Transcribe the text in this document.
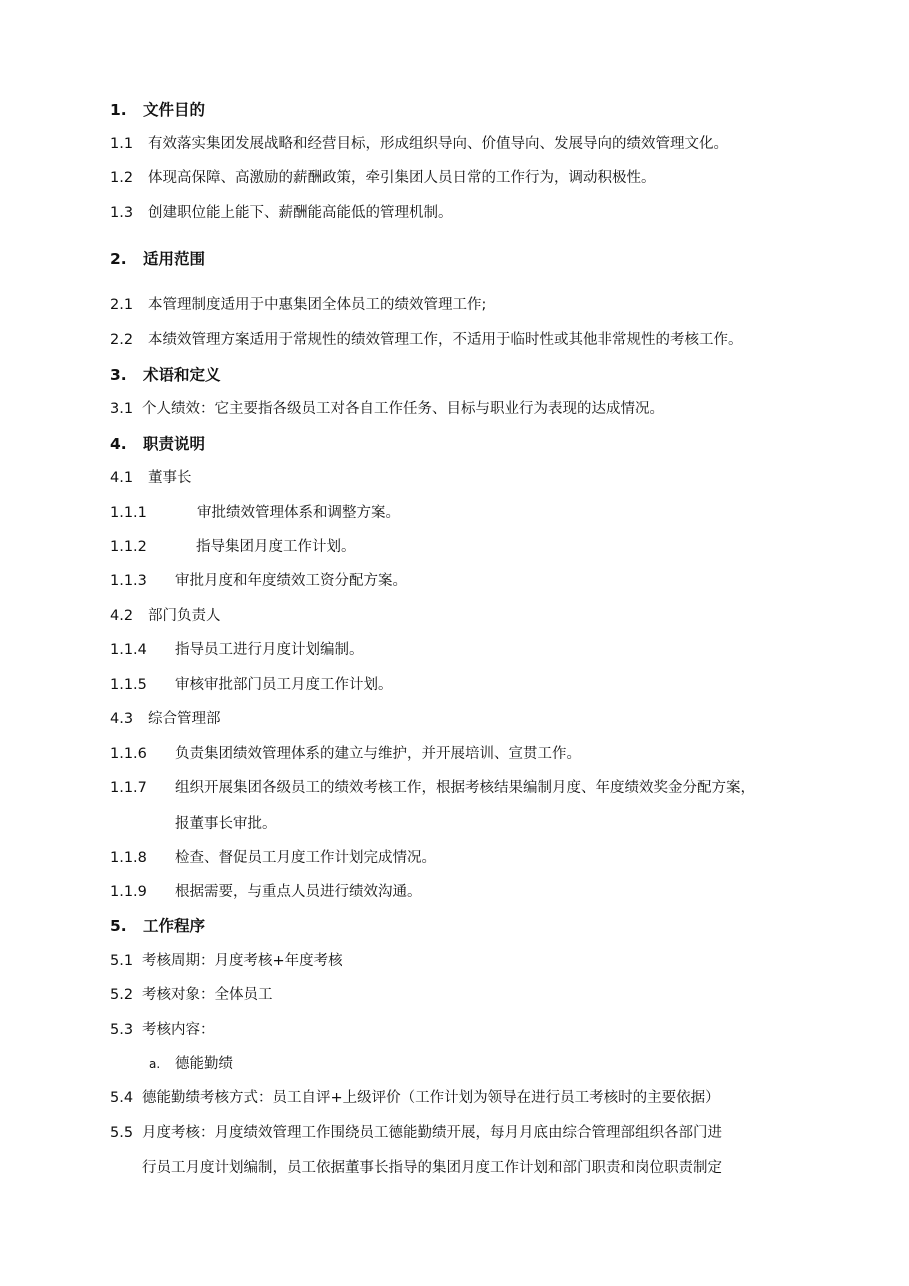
1. 文件目的
1.1 有效落实集团发展战略和经营目标，形成组织导向、价值导向、发展导向的绩效管理文化。
1.2 体现高保障、高激励的薪酬政策，牵引集团人员日常的工作行为，调动积极性。
1.3 创建职位能上能下、薪酬能高能低的管理机制。
2. 适用范围
2.1 本管理制度适用于中惠集团全体员工的绩效管理工作;
2.2 本绩效管理方案适用于常规性的绩效管理工作，不适用于临时性或其他非常规性的考核工作。
3. 术语和定义
3.1 个人绩效：它主要指各级员工对各自工作任务、目标与职业行为表现的达成情况。
4. 职责说明
4.1 董事长
1.1.1	审批绩效管理体系和调整方案。
1.1.2	指导集团月度工作计划。
1.1.3 审批月度和年度绩效工资分配方案。
4.2 部门负责人
1.1.4 指导员工进行月度计划编制。
1.1.5 审核审批部门员工月度工作计划。
4.3 综合管理部
1.1.6 负责集团绩效管理体系的建立与维护，并开展培训、宣贯工作。
1.1.7 组织开展集团各级员工的绩效考核工作，根据考核结果编制月度、年度绩效奖金分配方案，
报董事长审批。
1.1.8 检查、督促员工月度工作计划完成情况。
1.1.9 根据需要，与重点人员进行绩效沟通。
5. 工作程序
5.1 考核周期：月度考核+年度考核
5.2 考核对象：全体员工
5.3 考核内容：
a. 德能勤绩
5.4 德能勤绩考核方式：员工自评+上级评价（工作计划为领导在进行员工考核时的主要依据）
5.5 月度考核：月度绩效管理工作围绕员工德能勤绩开展，每月月底由综合管理部组织各部门进
行员工月度计划编制，员工依据董事长指导的集团月度工作计划和部门职责和岗位职责制定
